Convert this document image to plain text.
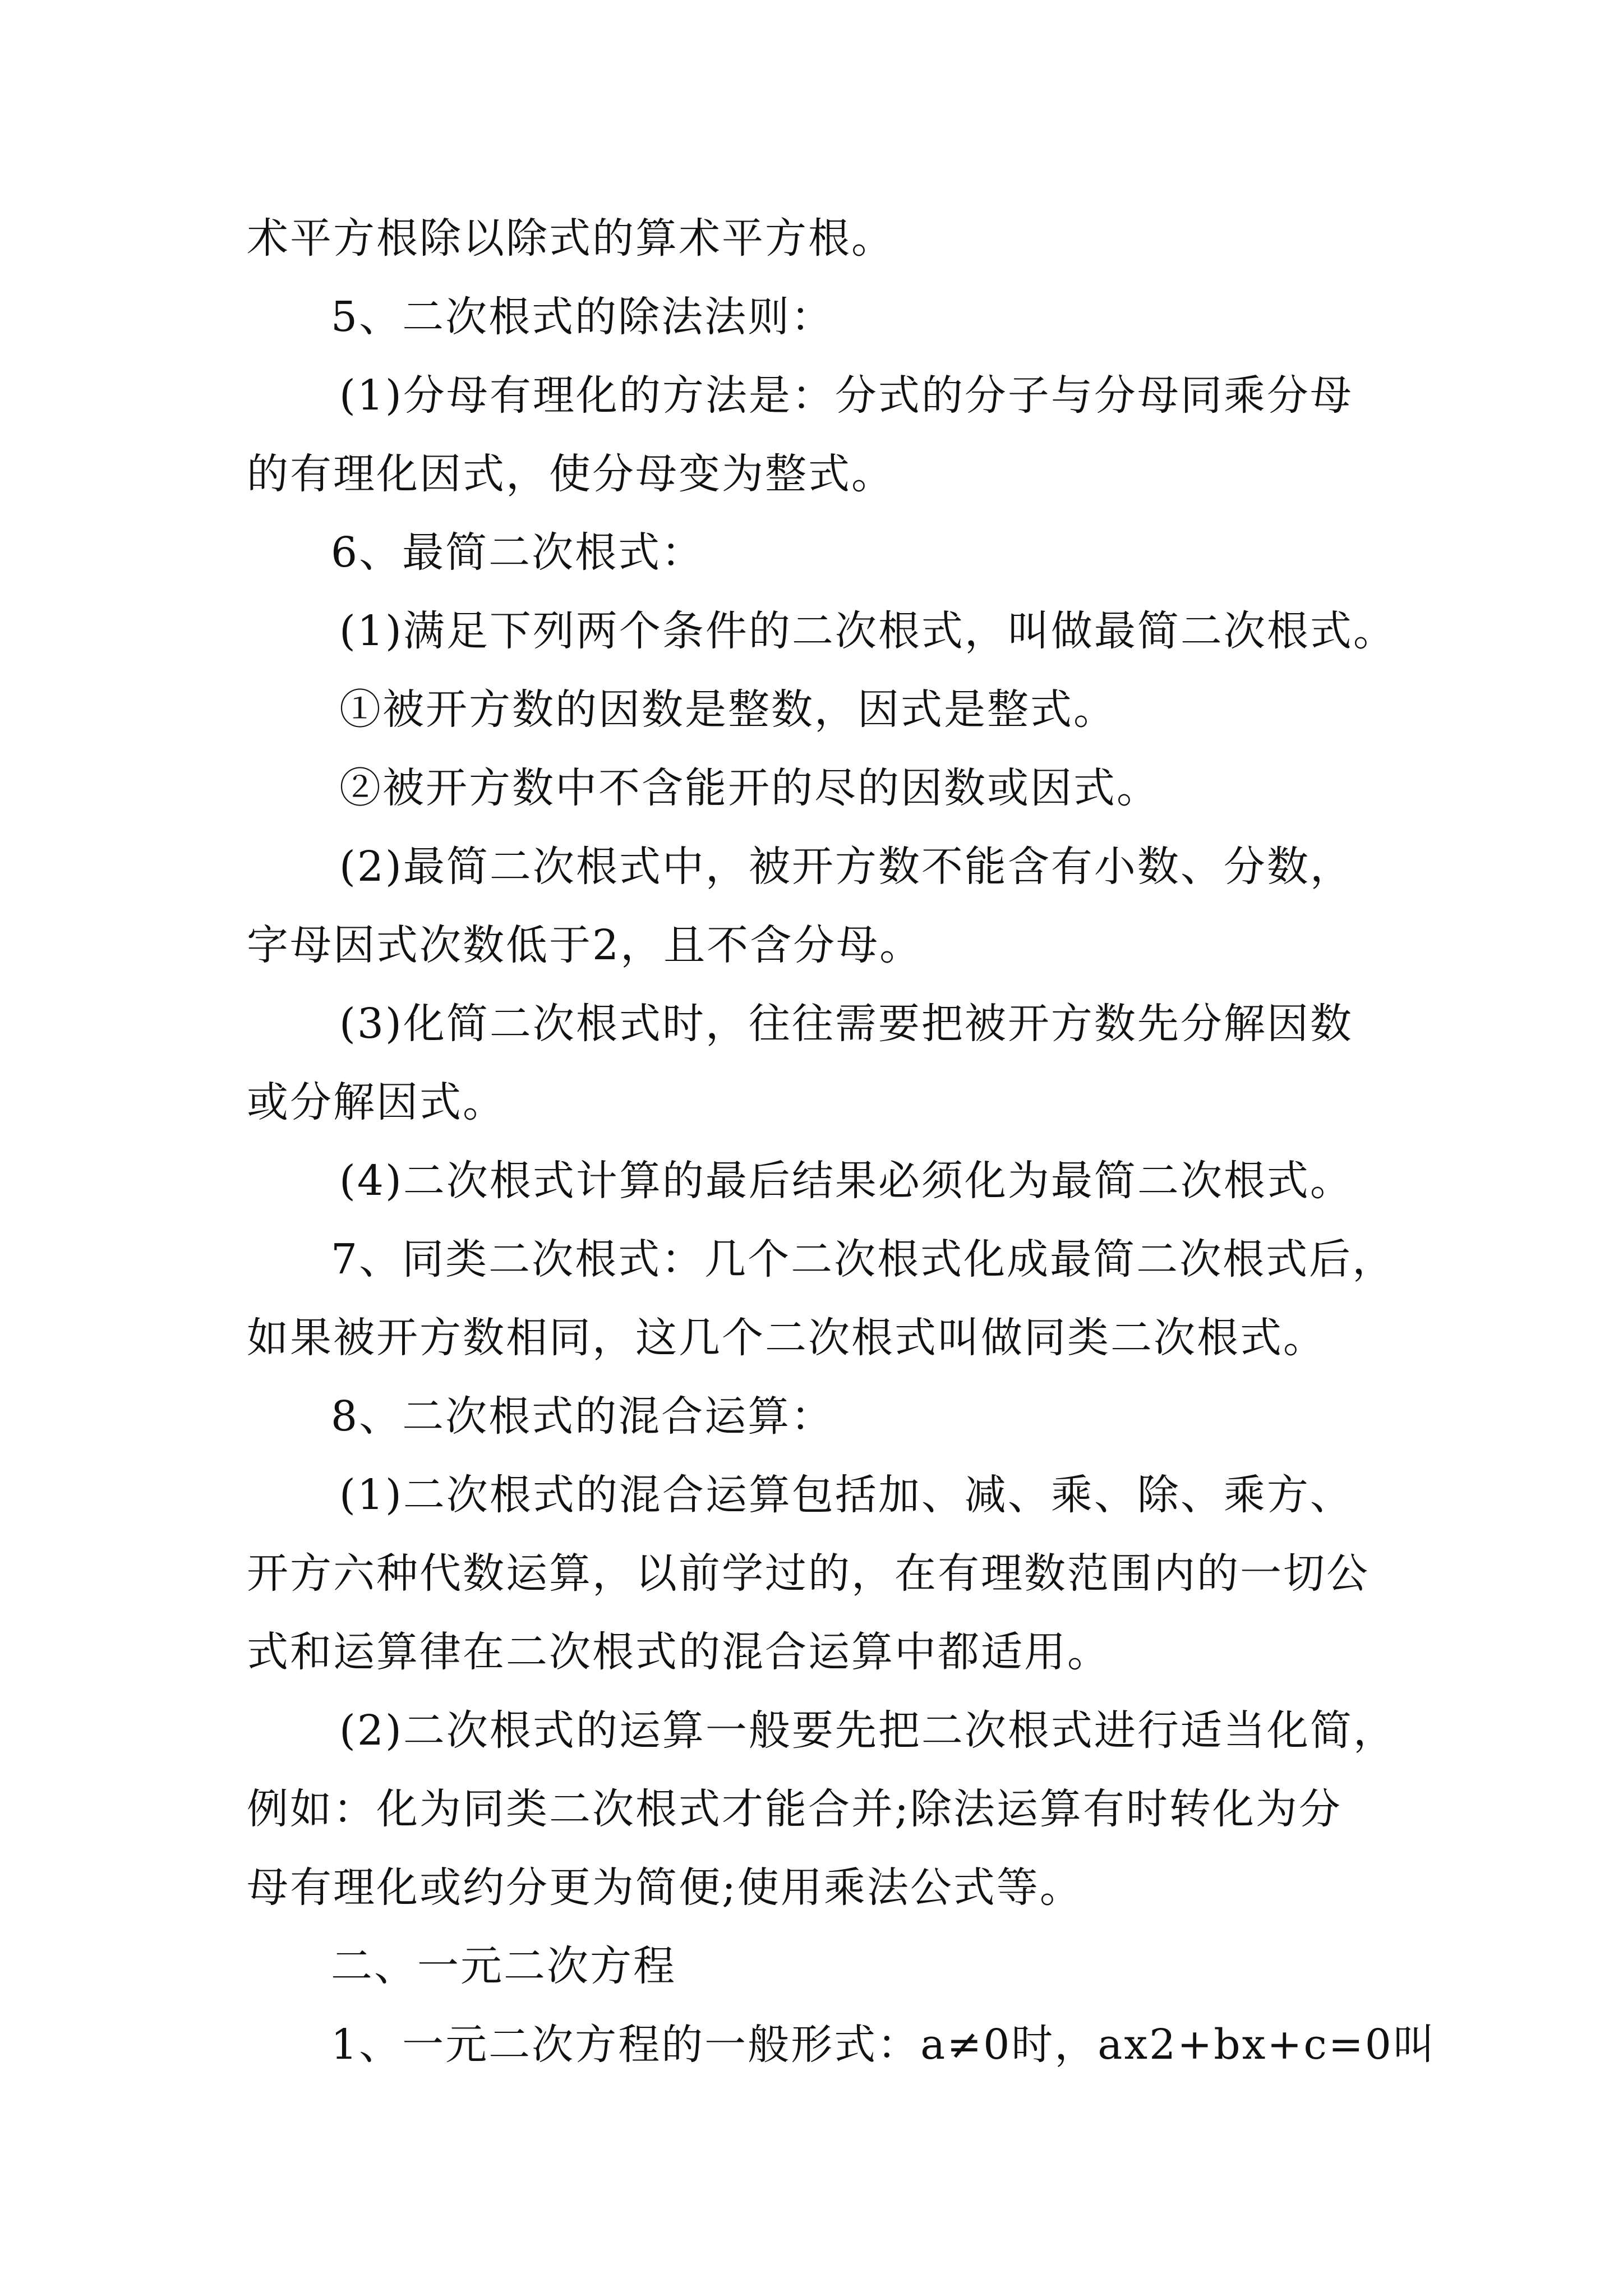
术平方根除以除式的算术平方根。
5、二次根式的除法法则：
(1)分母有理化的方法是：分式的分子与分母同乘分母
的有理化因式，使分母变为整式。
6、最简二次根式：
(1)满足下列两个条件的二次根式，叫做最简二次根式。
①被开方数的因数是整数，因式是整式。
②被开方数中不含能开的尽的因数或因式。
(2)最简二次根式中，被开方数不能含有小数、分数，
字母因式次数低于2，且不含分母。
(3)化简二次根式时，往往需要把被开方数先分解因数
或分解因式。
(4)二次根式计算的最后结果必须化为最简二次根式。
7、同类二次根式：几个二次根式化成最简二次根式后，
如果被开方数相同，这几个二次根式叫做同类二次根式。
8、二次根式的混合运算：
(1)二次根式的混合运算包括加、减、乘、除、乘方、
开方六种代数运算，以前学过的，在有理数范围内的一切公
式和运算律在二次根式的混合运算中都适用。
(2)二次根式的运算一般要先把二次根式进行适当化简，
例如：化为同类二次根式才能合并;除法运算有时转化为分
母有理化或约分更为简便;使用乘法公式等。
二、一元二次方程
1、一元二次方程的一般形式：a≠0时，ax2+bx+c=0叫
